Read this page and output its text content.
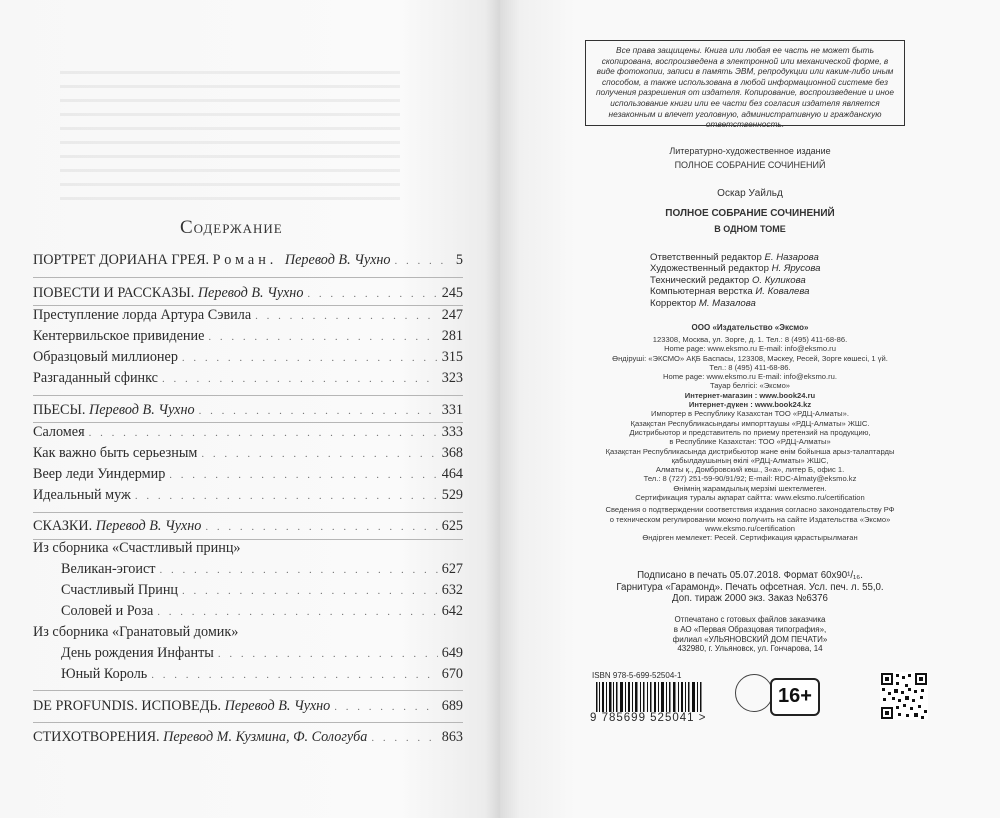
Содержание
ПОРТРЕТ ДОРИАНА ГРЕЯ. Роман. Перевод В. Чухно . . .	5
ПОВЕСТИ И РАССКАЗЫ. Перевод В. Чухно . . .	245
Преступление лорда Артура Сэвила . . .	247
Кентервильское привидение . . .	281
Образцовый миллионер . . .	315
Разгаданный сфинкс . . .	323
ПЬЕСЫ. Перевод В. Чухно . . .	331
Саломея . . .	333
Как важно быть серьезным . . .	368
Веер леди Уиндермир . . .	464
Идеальный муж . . .	529
СКАЗКИ. Перевод В. Чухно . . .	625
Из сборника «Счастливый принц»
Великан-эгоист . . .	627
Счастливый Принц . . .	632
Соловей и Роза . . .	642
Из сборника «Гранатовый домик»
День рождения Инфанты . . .	649
Юный Король . . .	670
DE PROFUNDIS. ИСПОВЕДЬ. Перевод В. Чухно . . .	689
СТИХОТВОРЕНИЯ. Перевод М. Кузмина, Ф. Сологуба . . .	863
Все права защищены. Книга или любая ее часть не может быть скопирована, воспроизведена в электронной или механической форме, в виде фотокопии, записи в память ЭВМ, репродукции или каким-либо иным способом, а также использована в любой информационной системе без получения разрешения от издателя. Копирование, воспроизведение и иное использование книги или ее части без согласия издателя является незаконным и влечет уголовную, административную и гражданскую ответственность.
Литературно-художественное издание
ПОЛНОЕ СОБРАНИЕ СОЧИНЕНИЙ
Оскар Уайльд
ПОЛНОЕ СОБРАНИЕ СОЧИНЕНИЙ
В ОДНОМ ТОМЕ
Ответственный редактор Е. Назарова
Художественный редактор Н. Ярусова
Технический редактор О. Куликова
Компьютерная верстка И. Ковалева
Корректор М. Мазалова
ООО «Издательство «Эксмо»
123308, Москва, ул. Зорге, д. 1. Тел.: 8 (495) 411-68-86.
Home page: www.eksmo.ru E-mail: info@eksmo.ru
Өндіруші: «ЭКСМО» АҚБ Баспасы, 123308, Мәскеу, Ресей, Зорге көшесі, 1 үй.
Тел.: 8 (495) 411-68-86.
Home page: www.eksmo.ru E-mail: info@eksmo.ru.
Тауар белгісі: «Эксмо»
Интернет-магазин : www.book24.ru
Интернет-дүкен : www.book24.kz
Импортер в Республику Казахстан ТОО «РДЦ-Алматы».
Қазақстан Республикасындағы импорттаушы «РДЦ-Алматы» ЖШС.
Дистрибьютор и представитель по приему претензий на продукцию,
в Республике Казахстан: ТОО «РДЦ-Алматы»
Қазақстан Республикасында дистрибьютор және өнім бойынша арыз-талаптарды
қабылдаушының өкілі «РДЦ-Алматы» ЖШС,
Алматы қ., Домбровский көш., 3«а», литер Б, офис 1.
Тел.: 8 (727) 251-59-90/91/92; E-mail: RDC-Almaty@eksmo.kz
Өнімнің жарамдылық мерзімі шектелмеген.
Сертификация туралы ақпарат сайтта: www.eksmo.ru/certification
Сведения о подтверждении соответствия издания согласно законодательству РФ
о техническом регулировании можно получить на сайте Издательства «Эксмо»
www.eksmo.ru/certification
Өндірген мемлекет: Ресей. Сертификация қарастырылмаған
Подписано в печать 05.07.2018. Формат 60x90¹/₁₆.
Гарнитура «Гарамонд». Печать офсетная. Усл. печ. л. 55,0.
Доп. тираж 2000 экз. Заказ №6376
Отпечатано с готовых файлов заказчика
в АО «Первая Образцовая типография»,
филиал «УЛЬЯНОВСКИЙ ДОМ ПЕЧАТИ»
432980, г. Ульяновск, ул. Гончарова, 14
ISBN 978-5-699-52504-1
9 785699 525041 >
16+
